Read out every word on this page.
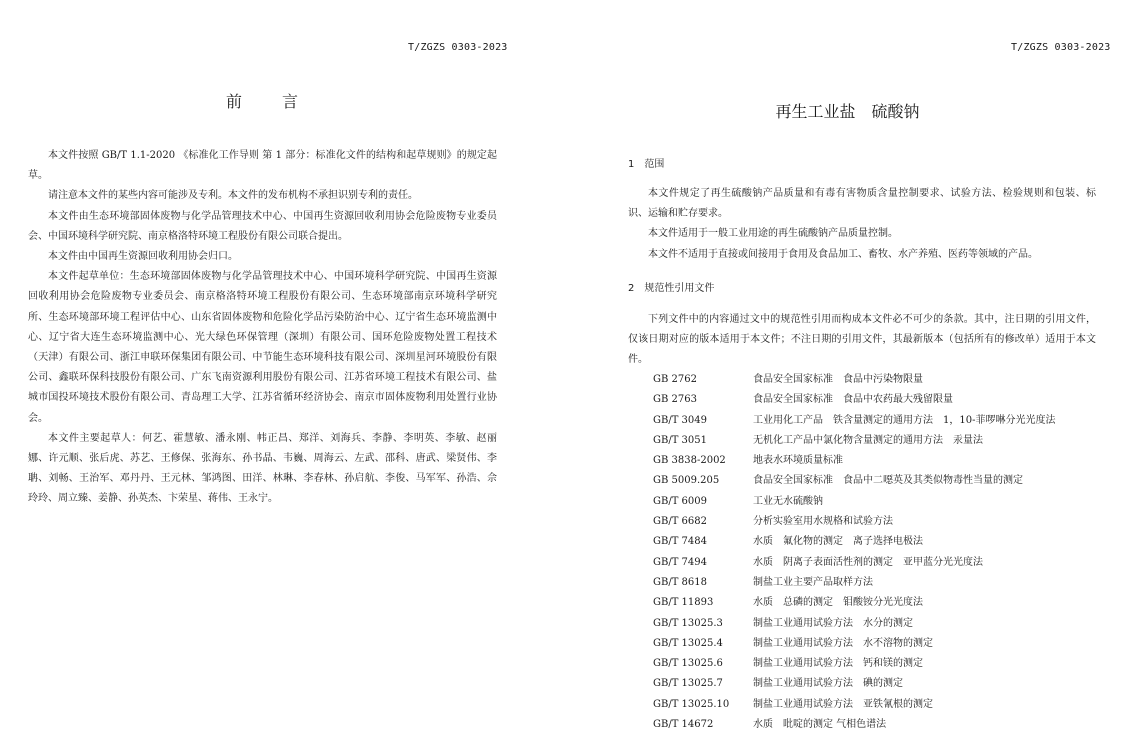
T/ZGZS 0303-2023
前	言

本文件按照 GB/T 1.1-2020 《标准化工作导则 第 1 部分：标准化文件的结构和起草规则》的规定起草。

请注意本文件的某些内容可能涉及专利。本文件的发布机构不承担识别专利的责任。

本文件由生态环境部固体废物与化学品管理技术中心、中国再生资源回收利用协会危险废物专业委员会、中国环境科学研究院、南京格洛特环境工程股份有限公司联合提出。

本文件由中国再生资源回收利用协会归口。

本文件起草单位：生态环境部固体废物与化学品管理技术中心、中国环境科学研究院、中国再生资源回收利用协会危险废物专业委员会、南京格洛特环境工程股份有限公司、生态环境部南京环境科学研究所、生态环境部环境工程评估中心、山东省固体废物和危险化学品污染防治中心、辽宁省生态环境监测中心、辽宁省大连生态环境监测中心、光大绿色环保管理（深圳）有限公司、国环危险废物处置工程技术（天津）有限公司、浙江申联环保集团有限公司、中节能生态环境科技有限公司、深圳星河环境股份有限公司、鑫联环保科技股份有限公司、广东飞南资源利用股份有限公司、江苏省环境工程技术有限公司、盐城市国投环境技术股份有限公司、青岛理工大学、江苏省循环经济协会、南京市固体废物利用处置行业协会。

本文件主要起草人：何艺、霍慧敏、潘永刚、帏正昌、郑洋、刘海兵、李静、李明英、李敏、赵丽娜、许元顺、张后虎、苏艺、王修保、张海东、孙书晶、韦巍、周海云、左武、邵科、唐武、梁贤伟、李聃、刘畅、王治军、邓丹丹、王元林、邹鸿图、田洋、林琳、李春林、孙启航、李俊、马军军、孙浩、佘玲玲、周立臻、姜静、孙英杰、卞荣星、蒋伟、王永宁。

T/ZGZS 0303-2023
再生工业盐　硫酸钠
1　范围

本文件规定了再生硫酸钠产品质量和有毒有害物质含量控制要求、试验方法、检验规则和包装、标识、运输和贮存要求。

本文件适用于一般工业用途的再生硫酸钠产品质量控制。

本文件不适用于直接或间接用于食用及食品加工、畜牧、水产养殖、医药等领域的产品。

2　规范性引用文件

下列文件中的内容通过文中的规范性引用而构成本文件必不可少的条款。其中，注日期的引用文件，仅该日期对应的版本适用于本文件；不注日期的引用文件，其最新版本（包括所有的修改单）适用于本文件。

GB 2762	食品安全国家标准　食品中污染物限量
GB 2763	食品安全国家标准　食品中农药最大残留限量
GB/T 3049	工业用化工产品　铁含量测定的通用方法　1，10-菲啰啉分光光度法
GB/T 3051	无机化工产品中氯化物含量测定的通用方法　汞量法
GB 3838-2002	地表水环境质量标准
GB 5009.205	食品安全国家标准　食品中二噁英及其类似物毒性当量的测定
GB/T 6009	工业无水硫酸钠
GB/T 6682	分析实验室用水规格和试验方法
GB/T 7484	水质　氟化物的测定　离子选择电极法
GB/T 7494	水质　阴离子表面活性剂的测定　亚甲蓝分光光度法
GB/T 8618	制盐工业主要产品取样方法
GB/T 11893	水质　总磷的测定　钼酸铵分光光度法
GB/T 13025.3	制盐工业通用试验方法　水分的测定
GB/T 13025.4	制盐工业通用试验方法　水不溶物的测定
GB/T 13025.6	制盐工业通用试验方法　钙和镁的测定
GB/T 13025.7	制盐工业通用试验方法　碘的测定
GB/T 13025.10 制盐工业通用试验方法　亚铁氰根的测定
GB/T 14672	水质　吡啶的测定 气相色谱法
